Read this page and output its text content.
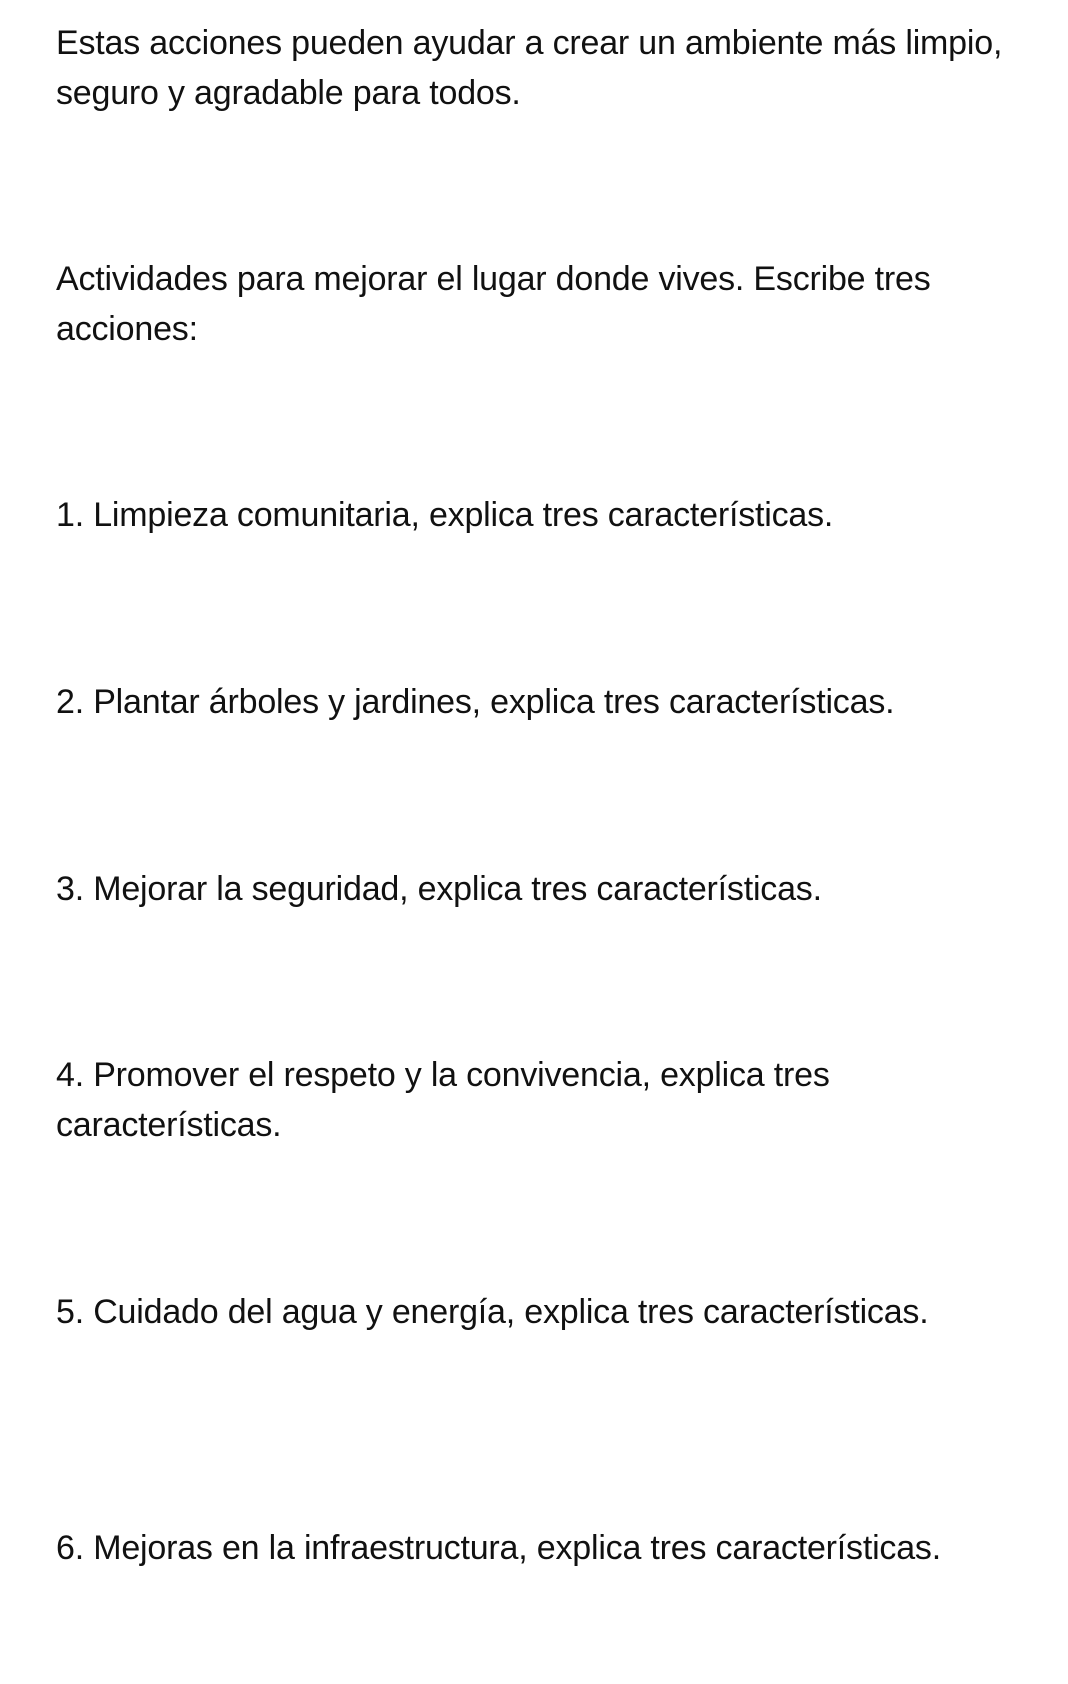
Estas acciones pueden ayudar a crear un ambiente más limpio, seguro y agradable para todos.

Actividades para mejorar el lugar donde vives. Escribe tres acciones:

1. Limpieza comunitaria, explica tres características.

2. Plantar árboles y jardines, explica tres características.

3. Mejorar la seguridad, explica tres características.

4. Promover el respeto y la convivencia, explica tres características.

5. Cuidado del agua y energía, explica tres características.

6. Mejoras en la infraestructura, explica tres características.
